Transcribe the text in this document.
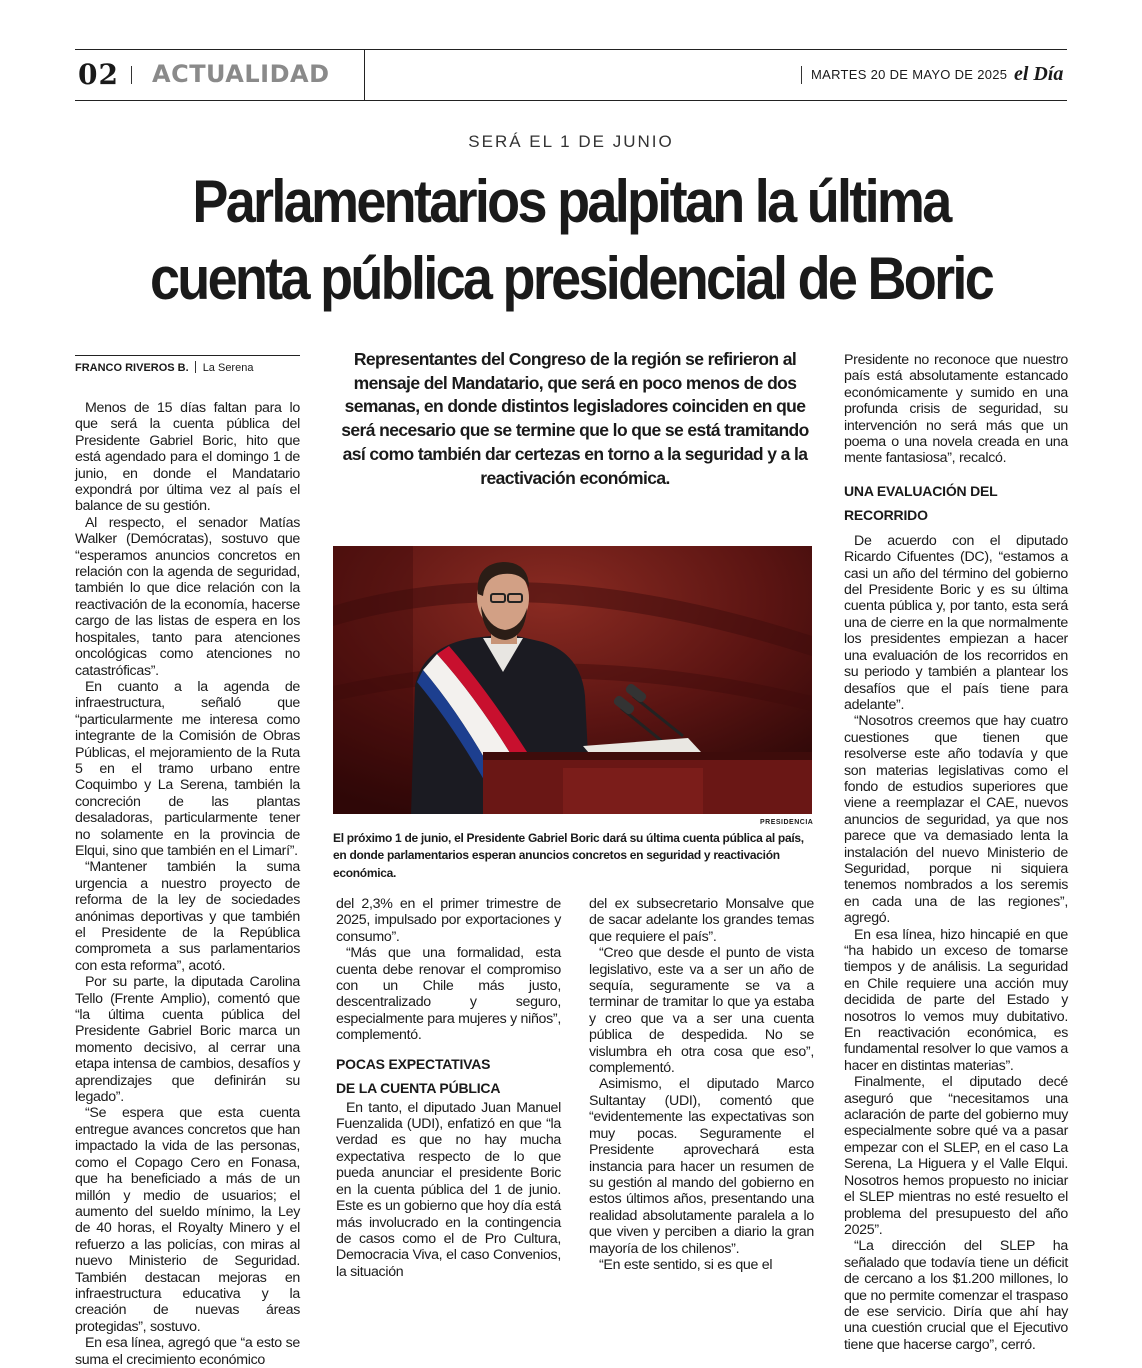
02 ACTUALIDAD	MARTES 20 DE MAYO DE 2025 el Día
SERÁ EL 1 DE JUNIO
Parlamentarios palpitan la última
cuenta pública presidencial de Boric
FRANCO RIVEROS B. La Serena	Representantes del Congreso de la región se refirieron al mensaje del Mandatario, que será en poco menos de dos semanas, en donde distintos legisladores coinciden en que será necesario que se termine que lo que se está tramitando así como también dar certezas en torno a la seguridad y a la reactivación económica.

PRESIDENCIA

El próximo 1 de junio, el Presidente Gabriel Boric dará su última cuenta pública al país, en donde parlamentarios esperan anuncios concretos en seguridad y reactivación económica.

Menos de 15 días faltan para lo que será la cuenta pública del Presidente Gabriel Boric, hito que está agendado para el domingo 1 de junio, en donde el Mandatario expondrá por última vez al país el balance de su gestión.

Al respecto, el senador Matías Walker (Demócratas), sostuvo que “esperamos anuncios concretos en relación con la agenda de seguridad, también lo que dice relación con la reactivación de la economía, hacerse cargo de las listas de espera en los hospitales, tanto para atenciones oncológicas como atenciones no catastróficas”.

En cuanto a la agenda de infraestructura, señaló que “particularmente me interesa como integrante de la Comisión de Obras Públicas, el mejoramiento de la Ruta 5 en el tramo urbano entre Coquimbo y La Serena, también la concreción de las plantas desaladoras, particularmente tener no solamente en la provincia de Elqui, sino que también en el Limarí”.

“Mantener también la suma urgencia a nuestro proyecto de reforma de la ley de sociedades anónimas deportivas y que también el Presidente de la República comprometa a sus parlamentarios con esta reforma”, acotó.

Por su parte, la diputada Carolina Tello (Frente Amplio), comentó que “la última cuenta pública del Presidente Gabriel Boric marca un momento decisivo, al cerrar una etapa intensa de cambios, desafíos y aprendizajes que definirán su legado”.

“Se espera que esta cuenta entregue avances concretos que han impactado la vida de las personas, como el Copago Cero en Fonasa, que ha beneficiado a más de un millón y medio de usuarios; el aumento del sueldo mínimo, la Ley de 40 horas, el Royalty Minero y el refuerzo a las policías, con miras al nuevo Ministerio de Seguridad. También destacan mejoras en infraestructura educativa y la creación de nuevas áreas protegidas”, sostuvo.

En esa línea, agregó que “a esto se suma el crecimiento económico

del 2,3% en el primer trimestre de 2025, impulsado por exportaciones y consumo”.

“Más que una formalidad, esta cuenta debe renovar el compromiso con un Chile más justo, descentralizado y seguro, especialmente para mujeres y niños”, complementó.

POCAS EXPECTATIVAS
DE LA CUENTA PÚBLICA

En tanto, el diputado Juan Manuel Fuenzalida (UDI), enfatizó en que “la verdad es que no hay mucha expectativa respecto de lo que pueda anunciar el presidente Boric en la cuenta pública del 1 de junio. Este es un gobierno que hoy día está más involucrado en la contingencia de casos como el de Pro Cultura, Democracia Viva, el caso Convenios, la situación

del ex subsecretario Monsalve que de sacar adelante los grandes temas que requiere el país”.

“Creo que desde el punto de vista legislativo, este va a ser un año de sequía, seguramente se va a terminar de tramitar lo que ya estaba y creo que va a ser una cuenta pública de despedida. No se vislumbra eh otra cosa que eso”, complementó.

Asimismo, el diputado Marco Sultantay (UDI), comentó que “evidentemente las expectativas son muy pocas. Seguramente el Presidente aprovechará esta instancia para hacer un resumen de su gestión al mando del gobierno en estos últimos años, presentando una realidad absolutamente paralela a lo que viven y perciben a diario la gran mayoría de los chilenos”.

“En este sentido, si es que el

Presidente no reconoce que nuestro país está absolutamente estancado económicamente y sumido en una profunda crisis de seguridad, su intervención no será más que un poema o una novela creada en una mente fantasiosa”, recalcó.

UNA EVALUACIÓN DEL RECORRIDO

De acuerdo con el diputado Ricardo Cifuentes (DC), “estamos a casi un año del término del gobierno del Presidente Boric y es su última cuenta pública y, por tanto, esta será una de cierre en la que normalmente los presidentes empiezan a hacer una evaluación de los recorridos en su periodo y también a plantear los desafíos que el país tiene para adelante”.

“Nosotros creemos que hay cuatro cuestiones que tienen que resolverse este año todavía y que son materias legislativas como el fondo de estudios superiores que viene a reemplazar el CAE, nuevos anuncios de seguridad, ya que nos parece que va demasiado lenta la instalación del nuevo Ministerio de Seguridad, porque ni siquiera tenemos nombrados a los seremis en cada una de las regiones”, agregó.

En esa línea, hizo hincapié en que “ha habido un exceso de tomarse tiempos y de análisis. La seguridad en Chile requiere una acción muy decidida de parte del Estado y nosotros lo vemos muy dubitativo. En reactivación económica, es fundamental resolver lo que vamos a hacer en distintas materias”.

Finalmente, el diputado decé aseguró que “necesitamos una aclaración de parte del gobierno muy especialmente sobre qué va a pasar empezar con el SLEP, en el caso La Serena, La Higuera y el Valle Elqui. Nosotros hemos propuesto no iniciar el SLEP mientras no esté resuelto el problema del presupuesto del año 2025”.

“La dirección del SLEP ha señalado que todavía tiene un déficit de cercano a los $1.200 millones, lo que no permite comenzar el traspaso de ese servicio. Diría que ahí hay una cuestión crucial que el Ejecutivo tiene que hacerse cargo”, cerró.
